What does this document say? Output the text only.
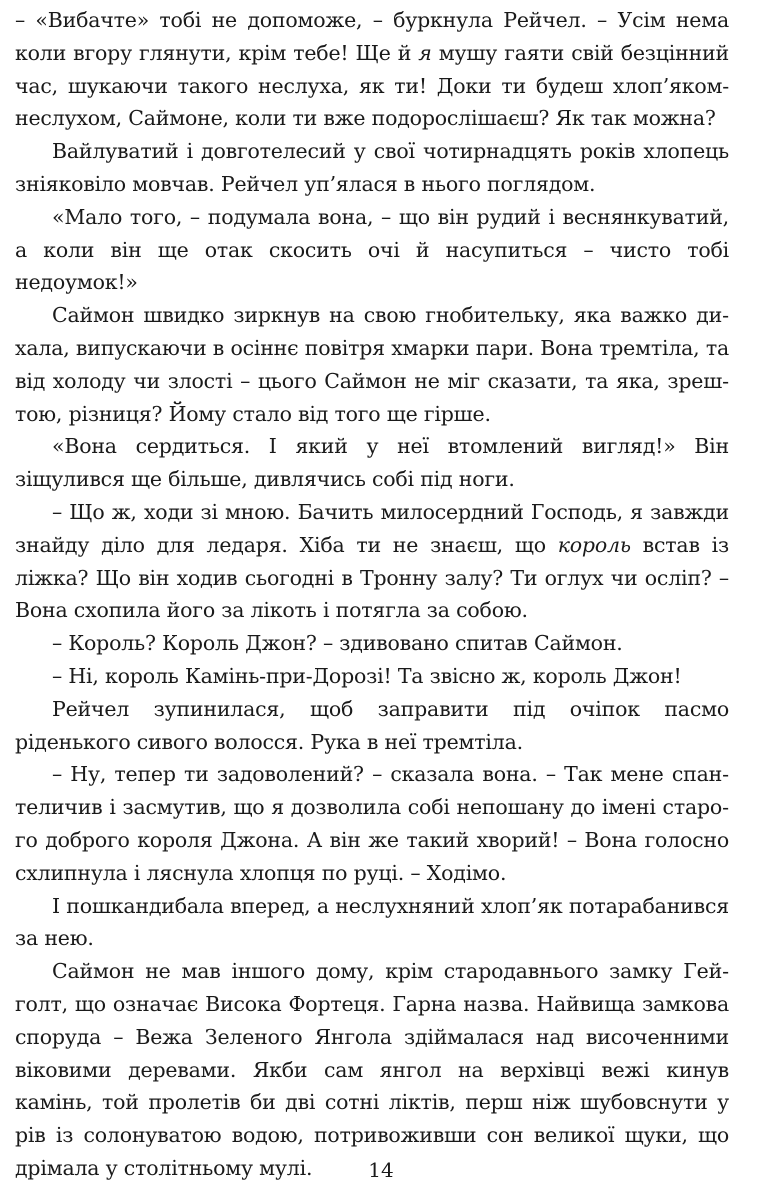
– «Вибачте» тобі не допоможе, – буркнула Рейчел. – Усім нема коли вгору глянути, крім тебе! Ще й я мушу гаяти свій безцінний час, шукаючи такого неслуха, як ти! Доки ти будеш хлоп’яком-неслухом, Саймоне, коли ти вже подорослішаєш? Як так можна?

Вайлуватий і довготелесий у свої чотирнадцять років хлопець зніяковіло мовчав. Рейчел уп’ялася в нього поглядом.

«Мало того, – подумала вона, – що він рудий і веснянкуватий, а коли він ще отак скосить очі й насупиться – чисто тобі недоумок!»

Саймон швидко зиркнув на свою гнобительку, яка важко дихала, випускаючи в осіннє повітря хмарки пари. Вона тремтіла, та від холоду чи злості – цього Саймон не міг сказати, та яка, зрештою, різниця? Йому стало від того ще гірше.

«Вона сердиться. І який у неї втомлений вигляд!» Він зіщулився ще більше, дивлячись собі під ноги.

– Що ж, ходи зі мною. Бачить милосердний Господь, я завжди знайду діло для ледаря. Хіба ти не знаєш, що король встав із ліжка? Що він ходив сьогодні в Тронну залу? Ти оглух чи осліп? – Вона схопила його за лікоть і потягла за собою.

– Король? Король Джон? – здивовано спитав Саймон.

– Ні, король Камінь-при-Дорозі! Та звісно ж, король Джон!

Рейчел зупинилася, щоб заправити під очіпок пасмо ріденького сивого волосся. Рука в неї тремтіла.

– Ну, тепер ти задоволений? – сказала вона. – Так мене спантеличив і засмутив, що я дозволила собі непошану до імені старого доброго короля Джона. А він же такий хворий! – Вона голосно схлипнула і ляснула хлопця по руці. – Ходімо.

І пошкандибала вперед, а неслухняний хлоп’як потарабанився за нею.

Саймон не мав іншого дому, крім стародавнього замку Гейголт, що означає Висока Фортеця. Гарна назва. Найвища замкова споруда – Вежа Зеленого Янгола здіймалася над височенними віковими деревами. Якби сам янгол на верхівці вежі кинув камінь, той пролетів би дві сотні ліктів, перш ніж шубовснути у рів із солонуватою водою, потривоживши сон великої щуки, що дрімала у столітньому мулі.	14
